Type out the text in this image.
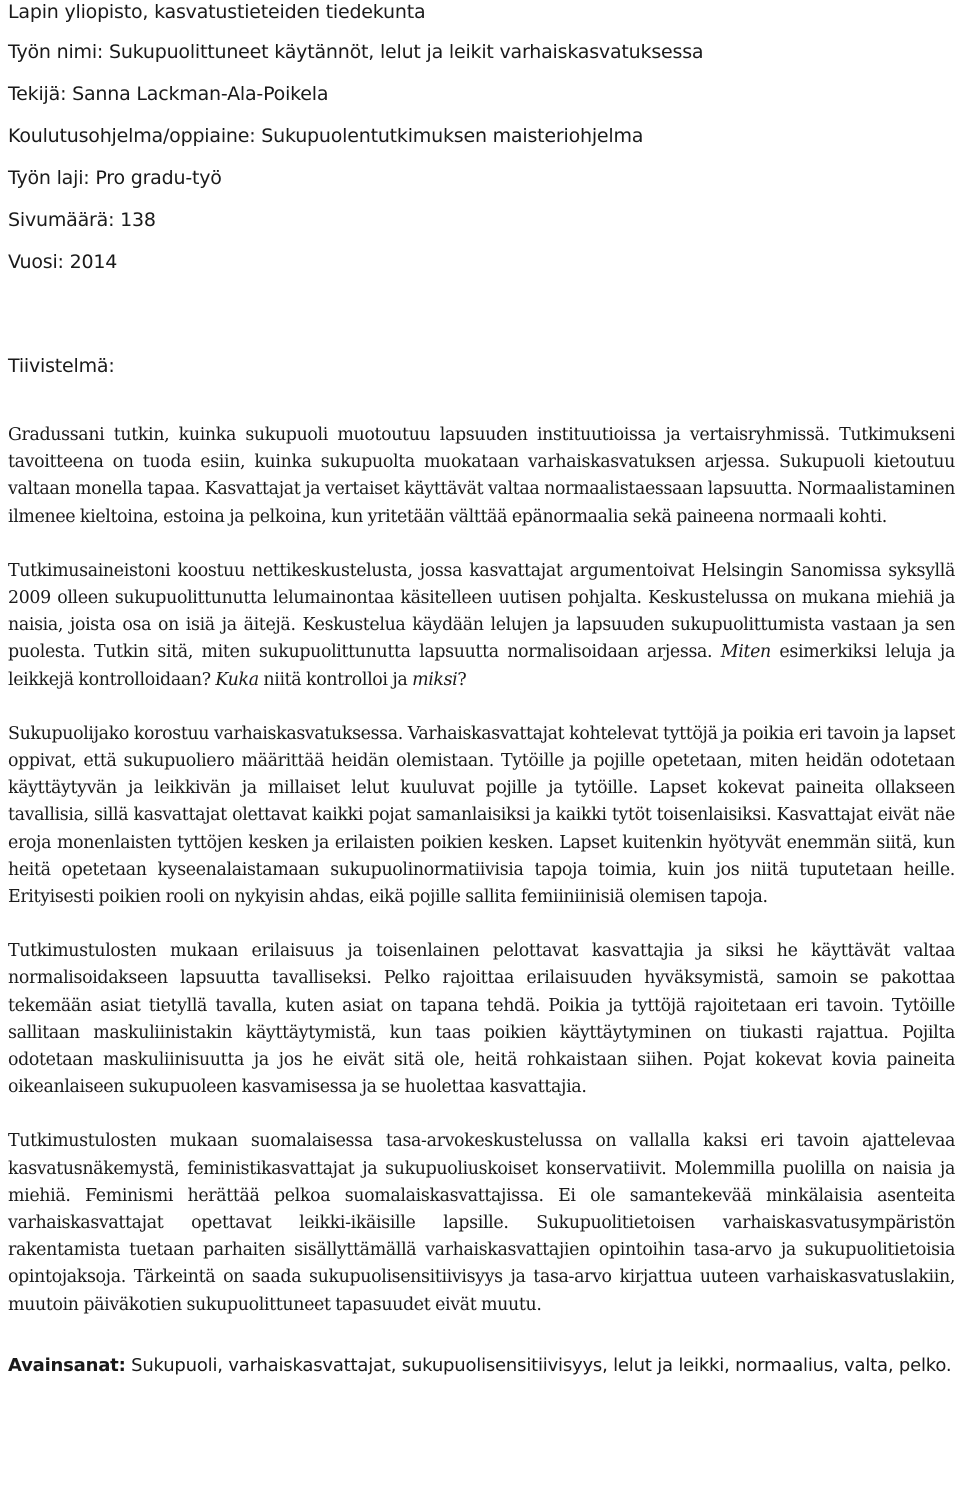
Lapin yliopisto, kasvatustieteiden tiedekunta
Työn nimi: Sukupuolittuneet käytännöt, lelut ja leikit varhaiskasvatuksessa
Tekijä: Sanna Lackman-Ala-Poikela
Koulutusohjelma/oppiaine: Sukupuolentutkimuksen maisteriohjelma
Työn laji: Pro gradu-työ
Sivumäärä: 138
Vuosi: 2014

Tiivistelmä:

Gradussani tutkin, kuinka sukupuoli muotoutuu lapsuuden instituutioissa ja vertaisryhmissä. Tutkimukseni tavoitteena on tuoda esiin, kuinka sukupuolta muokataan varhaiskasvatuksen arjessa. Sukupuoli kietoutuu valtaan monella tapaa. Kasvattajat ja vertaiset käyttävät valtaa normaalistaessaan lapsuutta. Normaalistaminen ilmenee kieltoina, estoina ja pelkoina, kun yritetään välttää epänormaalia sekä paineena normaali kohti.

Tutkimusaineistoni koostuu nettikeskustelusta, jossa kasvattajat argumentoivat Helsingin Sanomissa syksyllä 2009 olleen sukupuolittunutta lelumainontaa käsitelleen uutisen pohjalta. Keskustelussa on mukana miehiä ja naisia, joista osa on isiä ja äitejä. Keskustelua käydään lelujen ja lapsuuden sukupuolittumista vastaan ja sen puolesta. Tutkin sitä, miten sukupuolittunutta lapsuutta normalisoidaan arjessa. Miten esimerkiksi leluja ja leikkejä kontrolloidaan? Kuka niitä kontrolloi ja miksi?

Sukupuolijako korostuu varhaiskasvatuksessa. Varhaiskasvattajat kohtelevat tyttöjä ja poikia eri tavoin ja lapset oppivat, että sukupuoliero määrittää heidän olemistaan. Tytöille ja pojille opetetaan, miten heidän odotetaan käyttäytyvän ja leikkivän ja millaiset lelut kuuluvat pojille ja tytöille. Lapset kokevat paineita ollakseen tavallisia, sillä kasvattajat olettavat kaikki pojat samanlaisiksi ja kaikki tytöt toisenlaisiksi. Kasvattajat eivät näe eroja monenlaisten tyttöjen kesken ja erilaisten poikien kesken. Lapset kuitenkin hyötyvät enemmän siitä, kun heitä opetetaan kyseenalaistamaan sukupuolinormatiivisia tapoja toimia, kuin jos niitä tuputetaan heille. Erityisesti poikien rooli on nykyisin ahdas, eikä pojille sallita femiiniinisiä olemisen tapoja.

Tutkimustulosten mukaan erilaisuus ja toisenlainen pelottavat kasvattajia ja siksi he käyttävät valtaa normalisoidakseen lapsuutta tavalliseksi. Pelko rajoittaa erilaisuuden hyväksymistä, samoin se pakottaa tekemään asiat tietyllä tavalla, kuten asiat on tapana tehdä. Poikia ja tyttöjä rajoitetaan eri tavoin. Tytöille sallitaan maskuliinistakin käyttäytymistä, kun taas poikien käyttäytyminen on tiukasti rajattua. Pojilta odotetaan maskuliinisuutta ja jos he eivät sitä ole, heitä rohkaistaan siihen. Pojat kokevat kovia paineita oikeanlaiseen sukupuoleen kasvamisessa ja se huolettaa kasvattajia.

Tutkimustulosten mukaan suomalaisessa tasa-arvokeskustelussa on vallalla kaksi eri tavoin ajattelevaa kasvatusnäkemystä, feministikasvattajat ja sukupuoliuskoiset konservatiivit. Molemmilla puolilla on naisia ja miehiä. Feminismi herättää pelkoa suomalaiskasvattajissa. Ei ole samantekevää minkälaisia asenteita varhaiskasvattajat opettavat leikki-ikäisille lapsille. Sukupuolitietoisen varhaiskasvatusympäristön rakentamista tuetaan parhaiten sisällyttämällä varhaiskasvattajien opintoihin tasa-arvo ja sukupuolitietoisia opintojaksoja. Tärkeintä on saada sukupuolisensitiivisyys ja tasa-arvo kirjattua uuteen varhaiskasvatuslakiin, muutoin päiväkotien sukupuolittuneet tapasuudet eivät muutu.

Avainsanat: Sukupuoli, varhaiskasvattajat, sukupuolisensitiivisyys, lelut ja leikki, normaalius, valta, pelko.
